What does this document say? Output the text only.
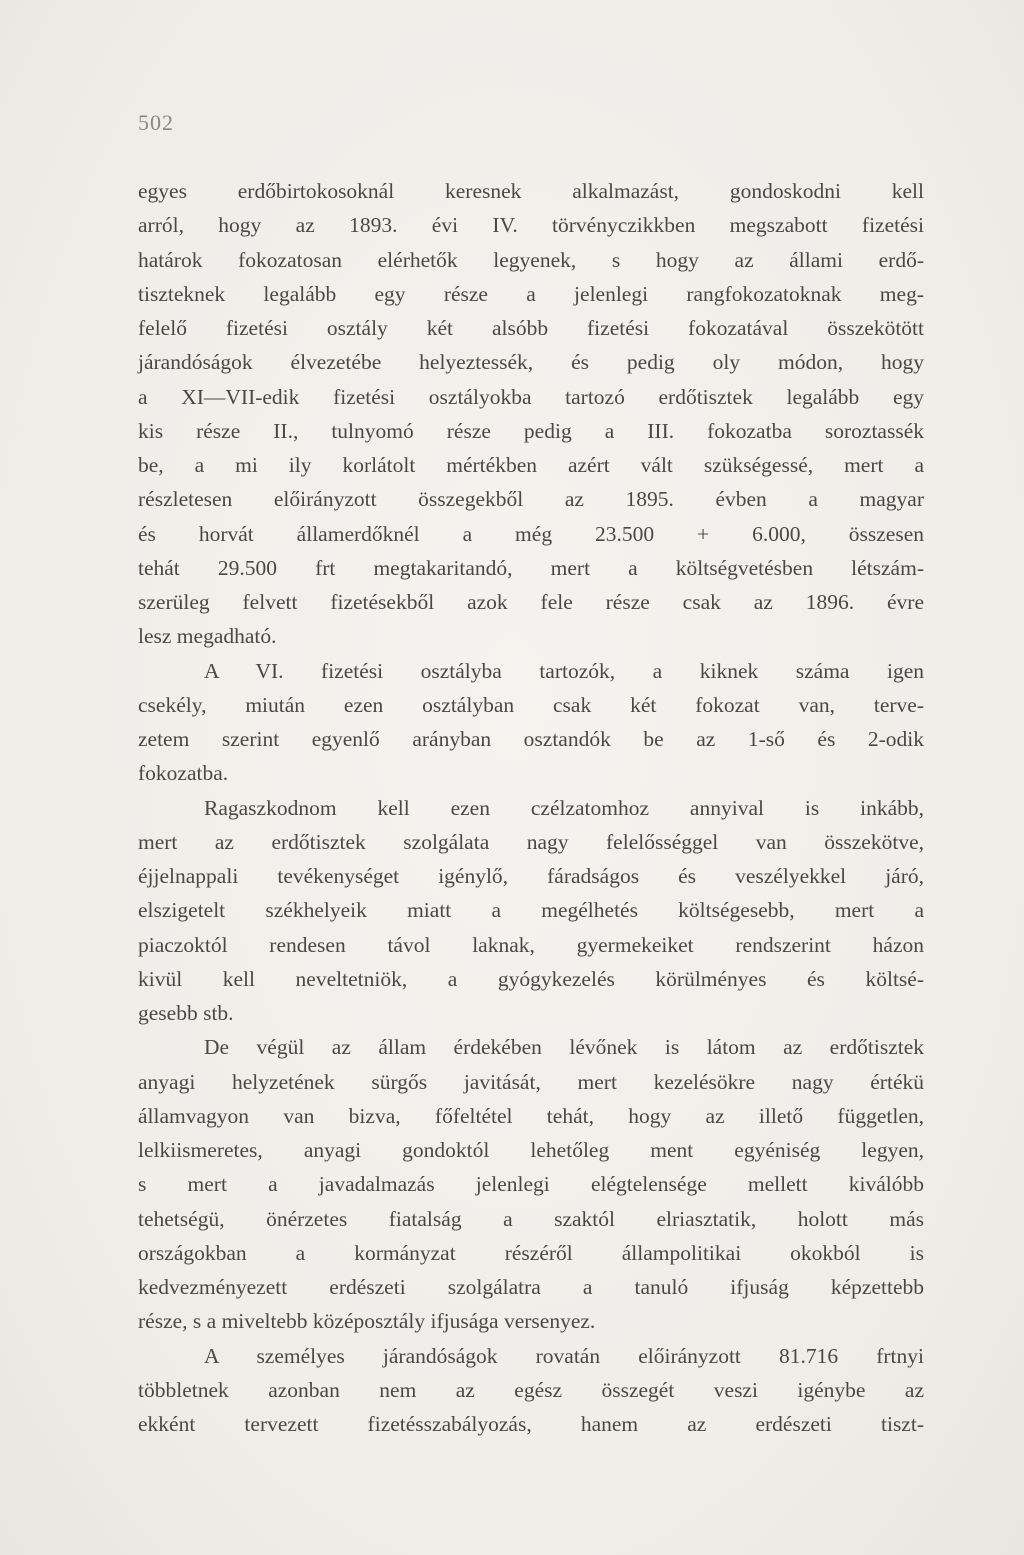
502
egyes erdőbirtokosoknál keresnek alkalmazást, gondoskodni kell
arról, hogy az 1893. évi IV. törvényczikkben megszabott fizetési
határok fokozatosan elérhetők legyenek, s hogy az állami erdő-
tiszteknek legalább egy része a jelenlegi rangfokozatoknak meg-
felelő fizetési osztály két alsóbb fizetési fokozatával összekötött
járandóságok élvezetébe helyeztessék, és pedig oly módon, hogy
a XI—VII-edik fizetési osztályokba tartozó erdőtisztek legalább egy
kis része II., tulnyomó része pedig a III. fokozatba soroztassék
be, a mi ily korlátolt mértékben azért vált szükségessé, mert a
részletesen előirányzott összegekből az 1895. évben a magyar
és horvát államerdőknél a még 23.500 + 6.000, összesen
tehát 29.500 frt megtakaritandó, mert a költségvetésben létszám-
szerüleg felvett fizetésekből azok fele része csak az 1896. évre
lesz megadható.
A VI. fizetési osztályba tartozók, a kiknek száma igen
csekély, miután ezen osztályban csak két fokozat van, terve-
zetem szerint egyenlő arányban osztandók be az 1-ső és 2-odik
fokozatba.
Ragaszkodnom kell ezen czélzatomhoz annyival is inkább,
mert az erdőtisztek szolgálata nagy felelősséggel van összekötve,
éjjelnappali tevékenységet igénylő, fáradságos és veszélyekkel járó,
elszigetelt székhelyeik miatt a megélhetés költségesebb, mert a
piaczoktól rendesen távol laknak, gyermekeiket rendszerint házon
kivül kell neveltetniök, a gyógykezelés körülményes és költsé-
gesebb stb.
De végül az állam érdekében lévőnek is látom az erdőtisztek
anyagi helyzetének sürgős javitását, mert kezelésökre nagy értékü
államvagyon van bizva, főfeltétel tehát, hogy az illető független,
lelkiismeretes, anyagi gondoktól lehetőleg ment egyéniség legyen,
s mert a javadalmazás jelenlegi elégtelensége mellett kiválóbb
tehetségü, önérzetes fiatalság a szaktól elriasztatik, holott más
országokban a kormányzat részéről állampolitikai okokból is
kedvezményezett erdészeti szolgálatra a tanuló ifjuság képzettebb
része, s a miveltebb középosztály ifjusága versenyez.
A személyes járandóságok rovatán előirányzott 81.716 frtnyi
többletnek azonban nem az egész összegét veszi igénybe az
ekként tervezett fizetésszabályozás, hanem az erdészeti tiszt-
